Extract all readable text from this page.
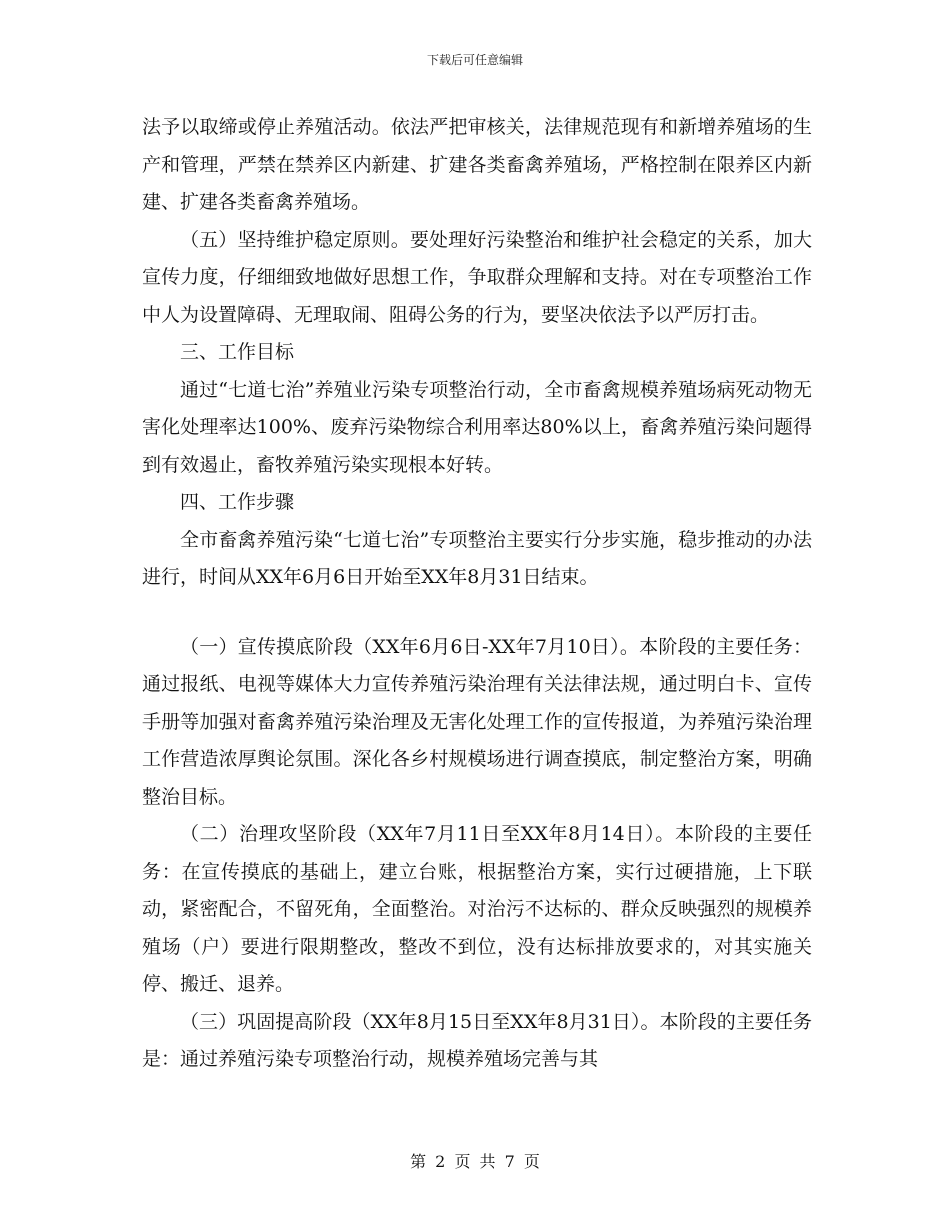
下载后可任意编辑

法予以取缔或停止养殖活动。依法严把审核关，法律规范现有和新增养殖场的生产和管理，严禁在禁养区内新建、扩建各类畜禽养殖场，严格控制在限养区内新建、扩建各类畜禽养殖场。

（五）坚持维护稳定原则。要处理好污染整治和维护社会稳定的关系，加大宣传力度，仔细细致地做好思想工作，争取群众理解和支持。对在专项整治工作中人为设置障碍、无理取闹、阻碍公务的行为，要坚决依法予以严厉打击。

三、工作目标

通过“七道七治”养殖业污染专项整治行动，全市畜禽规模养殖场病死动物无害化处理率达100%、废弃污染物综合利用率达80%以上，畜禽养殖污染问题得到有效遏止，畜牧养殖污染实现根本好转。

四、工作步骤

全市畜禽养殖污染“七道七治”专项整治主要实行分步实施，稳步推动的办法进行，时间从XX年6月6日开始至XX年8月31日结束。

（一）宣传摸底阶段（XX年6月6日-XX年7月10日）。本阶段的主要任务：通过报纸、电视等媒体大力宣传养殖污染治理有关法律法规，通过明白卡、宣传手册等加强对畜禽养殖污染治理及无害化处理工作的宣传报道，为养殖污染治理工作营造浓厚舆论氛围。深化各乡村规模场进行调查摸底，制定整治方案，明确整治目标。

（二）治理攻坚阶段（XX年7月11日至XX年8月14日）。本阶段的主要任务：在宣传摸底的基础上，建立台账，根据整治方案，实行过硬措施，上下联动，紧密配合，不留死角，全面整治。对治污不达标的、群众反映强烈的规模养殖场（户）要进行限期整改，整改不到位，没有达标排放要求的，对其实施关停、搬迁、退养。

（三）巩固提高阶段（XX年8月15日至XX年8月31日）。本阶段的主要任务是：通过养殖污染专项整治行动，规模养殖场完善与其

第 2 页 共 7 页
